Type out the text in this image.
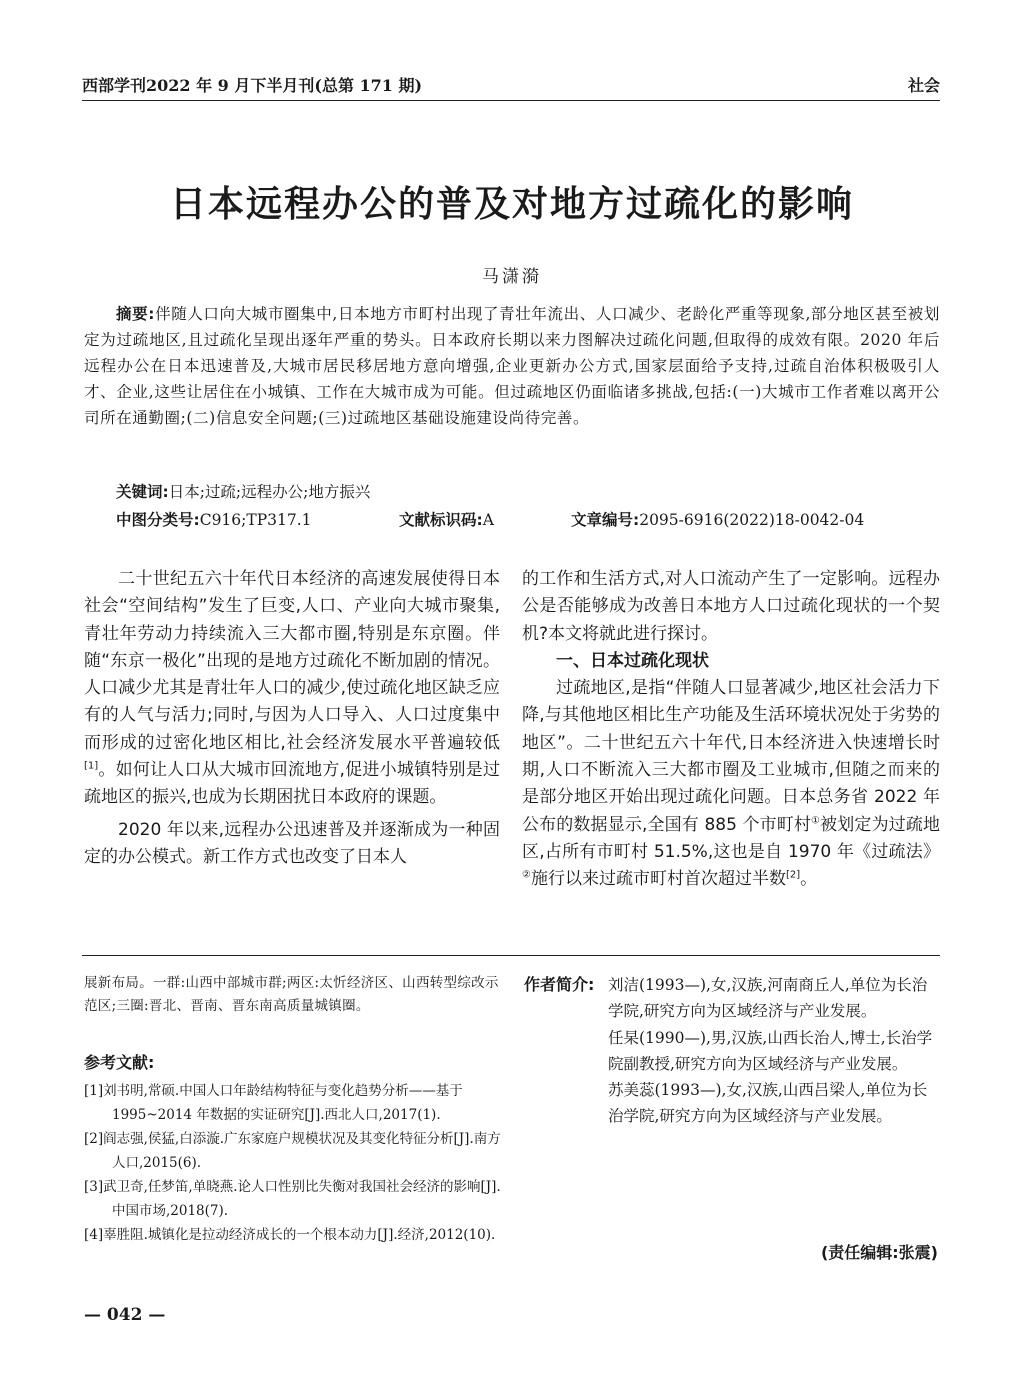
西部学刊2022 年 9 月下半月刊(总第 171 期)	社会
日本远程办公的普及对地方过疏化的影响
马潇漪
摘要:伴随人口向大城市圈集中,日本地方市町村出现了青壮年流出、人口减少、老龄化严重等现象,部分地区甚至被划定为过疏地区,且过疏化呈现出逐年严重的势头。日本政府长期以来力图解决过疏化问题,但取得的成效有限。2020 年后远程办公在日本迅速普及,大城市居民移居地方意向增强,企业更新办公方式,国家层面给予支持,过疏自治体积极吸引人才、企业,这些让居住在小城镇、工作在大城市成为可能。但过疏地区仍面临诸多挑战,包括:(一)大城市工作者难以离开公司所在通勤圈;(二)信息安全问题;(三)过疏地区基础设施建设尚待完善。
关键词:日本;过疏;远程办公;地方振兴
中图分类号:C916;TP317.1	文献标识码:A	文章编号:2095-6916(2022)18-0042-04

二十世纪五六十年代日本经济的高速发展使得日本社会“空间结构”发生了巨变,人口、产业向大城市聚集,青壮年劳动力持续流入三大都市圈,特别是东京圈。伴随“东京一极化”出现的是地方过疏化不断加剧的情况。人口减少尤其是青壮年人口的减少,使过疏化地区缺乏应有的人气与活力;同时,与因为人口导入、人口过度集中而形成的过密化地区相比,社会经济发展水平普遍较低[1]。如何让人口从大城市回流地方,促进小城镇特别是过疏地区的振兴,也成为长期困扰日本政府的课题。

2020 年以来,远程办公迅速普及并逐渐成为一种固定的办公模式。新工作方式也改变了日本人

的工作和生活方式,对人口流动产生了一定影响。远程办公是否能够成为改善日本地方人口过疏化现状的一个契机?本文将就此进行探讨。

一、日本过疏化现状

过疏地区,是指“伴随人口显著减少,地区社会活力下降,与其他地区相比生产功能及生活环境状况处于劣势的地区”。二十世纪五六十年代,日本经济进入快速增长时期,人口不断流入三大都市圈及工业城市,但随之而来的是部分地区开始出现过疏化问题。日本总务省 2022 年公布的数据显示,全国有 885 个市町村①被划定为过疏地区,占所有市町村 51.5%,这也是自 1970 年《过疏法》②施行以来过疏市町村首次超过半数[2]。

展新布局。一群:山西中部城市群;两区:太忻经济区、山西转型综改示范区;三圈:晋北、晋南、晋东南高质量城镇圈。
参考文献:
[1]刘书明,常硕.中国人口年龄结构特征与变化趋势分析——基于 1995~2014 年数据的实证研究[J].西北人口,2017(1).
[2]阎志强,侯猛,白添漩.广东家庭户规模状况及其变化特征分析[J].南方人口,2015(6).
[3]武卫奇,任梦笛,单晓燕.论人口性别比失衡对我国社会经济的影响[J].中国市场,2018(7).
[4]辜胜阻.城镇化是拉动经济成长的一个根本动力[J].经济,2012(10).
作者简介: 刘洁(1993—),女,汉族,河南商丘人,单位为长治学院,研究方向为区域经济与产业发展。

任杲(1990—),男,汉族,山西长治人,博士,长治学院副教授,研究方向为区域经济与产业发展。

苏美蕊(1993—),女,汉族,山西吕梁人,单位为长治学院,研究方向为区域经济与产业发展。

(责任编辑:张震)
— 042 —
